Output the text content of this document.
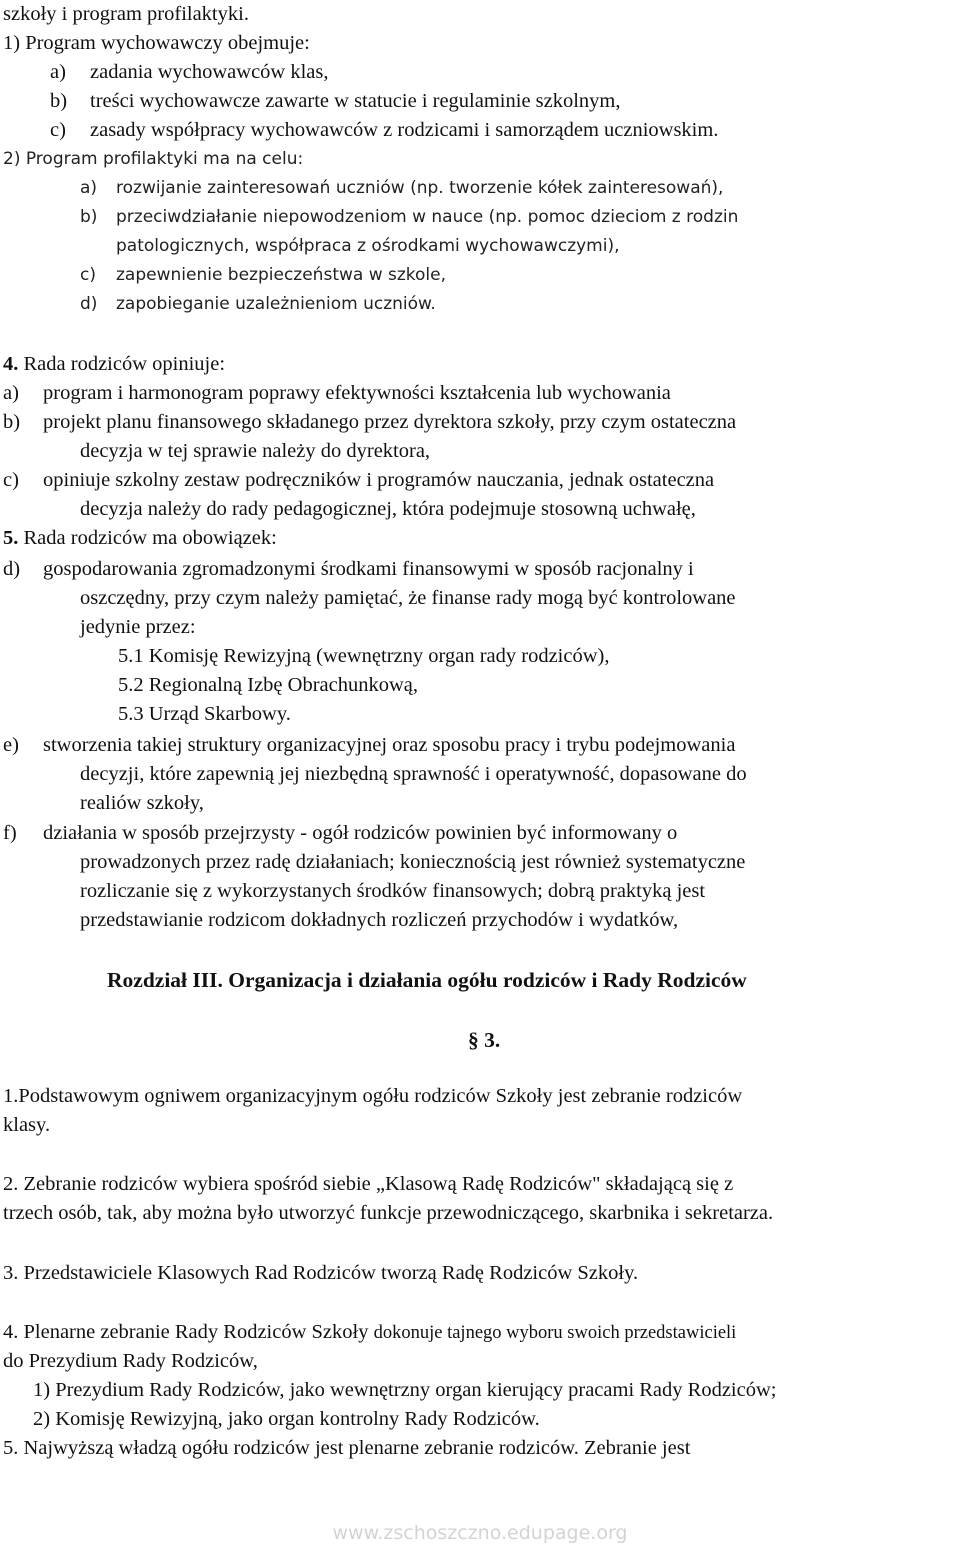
szkoły i program profilaktyki.
1) Program wychowawczy obejmuje:
a) zadania wychowawców klas,
b) treści wychowawcze zawarte w statucie i regulaminie szkolnym,
c) zasady współpracy wychowawców z rodzicami i samorządem uczniowskim.
2) Program profilaktyki ma na celu:
a) rozwijanie zainteresowań uczniów (np. tworzenie kółek zainteresowań),
b) przeciwdziałanie niepowodzeniom w nauce (np. pomoc dzieciom z rodzin
patologicznych, współpraca z ośrodkami wychowawczymi),
c) zapewnienie bezpieczeństwa w szkole,
d) zapobieganie uzależnieniom uczniów.
4. Rada rodziców opiniuje:
a) program i harmonogram poprawy efektywności kształcenia lub wychowania
b) projekt planu finansowego składanego przez dyrektora szkoły, przy czym ostateczna
decyzja w tej sprawie należy do dyrektora,
c) opiniuje szkolny zestaw podręczników i programów nauczania, jednak ostateczna
decyzja należy do rady pedagogicznej, która podejmuje stosowną uchwałę,
5. Rada rodziców ma obowiązek:
d) gospodarowania zgromadzonymi środkami finansowymi w sposób racjonalny i
oszczędny, przy czym należy pamiętać, że finanse rady mogą być kontrolowane
jedynie przez:
5.1 Komisję Rewizyjną (wewnętrzny organ rady rodziców),
5.2 Regionalną Izbę Obrachunkową,
5.3 Urząd Skarbowy.
e) stworzenia takiej struktury organizacyjnej oraz sposobu pracy i trybu podejmowania
decyzji, które zapewnią jej niezbędną sprawność i operatywność, dopasowane do
realiów szkoły,
f) działania w sposób przejrzysty - ogół rodziców powinien być informowany o
prowadzonych przez radę działaniach; koniecznością jest również systematyczne
rozliczanie się z wykorzystanych środków finansowych; dobrą praktyką jest
przedstawianie rodzicom dokładnych rozliczeń przychodów i wydatków,
Rozdział III. Organizacja i działania ogółu rodziców i Rady Rodziców
§ 3.
1.Podstawowym ogniwem organizacyjnym ogółu rodziców Szkoły jest zebranie rodziców
klasy.
2. Zebranie rodziców wybiera spośród siebie „Klasową Radę Rodziców" składającą się z
trzech osób, tak, aby można było utworzyć funkcje przewodniczącego, skarbnika i sekretarza.
3. Przedstawiciele Klasowych Rad Rodziców tworzą Radę Rodziców Szkoły.
4. Plenarne zebranie Rady Rodziców Szkoły dokonuje tajnego wyboru swoich przedstawicieli
do Prezydium Rady Rodziców,
1) Prezydium Rady Rodziców, jako wewnętrzny organ kierujący pracami Rady Rodziców;
2) Komisję Rewizyjną, jako organ kontrolny Rady Rodziców.
5. Najwyższą władzą ogółu rodziców jest plenarne zebranie rodziców. Zebranie jest
www.zschoszczno.edupage.org
